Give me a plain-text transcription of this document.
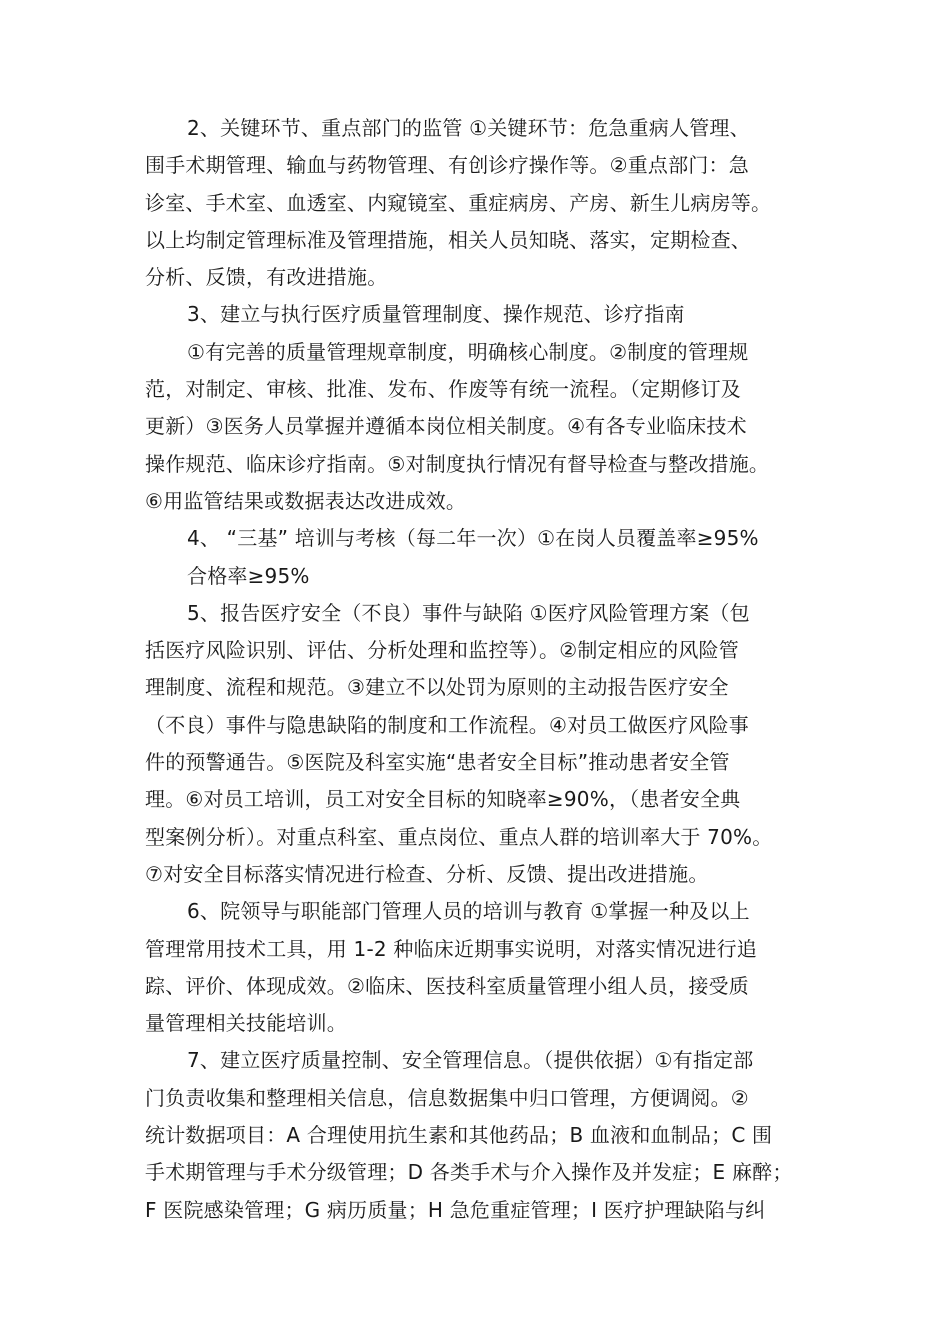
2、关键环节、重点部门的监管 ①关键环节：危急重病人管理、
围手术期管理、输血与药物管理、有创诊疗操作等。②重点部门：急
诊室、手术室、血透室、内窥镜室、重症病房、产房、新生儿病房等。
以上均制定管理标准及管理措施，相关人员知晓、落实，定期检查、
分析、反馈，有改进措施。

3、建立与执行医疗质量管理制度、操作规范、诊疗指南

①有完善的质量管理规章制度，明确核心制度。②制度的管理规
范，对制定、审核、批准、发布、作废等有统一流程。（定期修订及
更新）③医务人员掌握并遵循本岗位相关制度。④有各专业临床技术
操作规范、临床诊疗指南。⑤对制度执行情况有督导检查与整改措施。
⑥用监管结果或数据表达改进成效。

4、 “三基” 培训与考核（每二年一次）①在岗人员覆盖率≥95%

合格率≥95%

5、报告医疗安全（不良）事件与缺陷 ①医疗风险管理方案（包
括医疗风险识别、评估、分析处理和监控等）。②制定相应的风险管
理制度、流程和规范。③建立不以处罚为原则的主动报告医疗安全
（不良）事件与隐患缺陷的制度和工作流程。④对员工做医疗风险事
件的预警通告。⑤医院及科室实施“患者安全目标”推动患者安全管
理。⑥对员工培训，员工对安全目标的知晓率≥90%，（患者安全典
型案例分析）。对重点科室、重点岗位、重点人群的培训率大于 70%。
⑦对安全目标落实情况进行检查、分析、反馈、提出改进措施。

6、院领导与职能部门管理人员的培训与教育 ①掌握一种及以上
管理常用技术工具，用 1-2 种临床近期事实说明，对落实情况进行追
踪、评价、体现成效。②临床、医技科室质量管理小组人员，接受质
量管理相关技能培训。

7、建立医疗质量控制、安全管理信息。（提供依据）①有指定部
门负责收集和整理相关信息，信息数据集中归口管理，方便调阅。②
统计数据项目：A 合理使用抗生素和其他药品；B 血液和血制品；C 围
手术期管理与手术分级管理；D 各类手术与介入操作及并发症；E 麻醉；
F 医院感染管理；G 病历质量；H 急危重症管理；I 医疗护理缺陷与纠
